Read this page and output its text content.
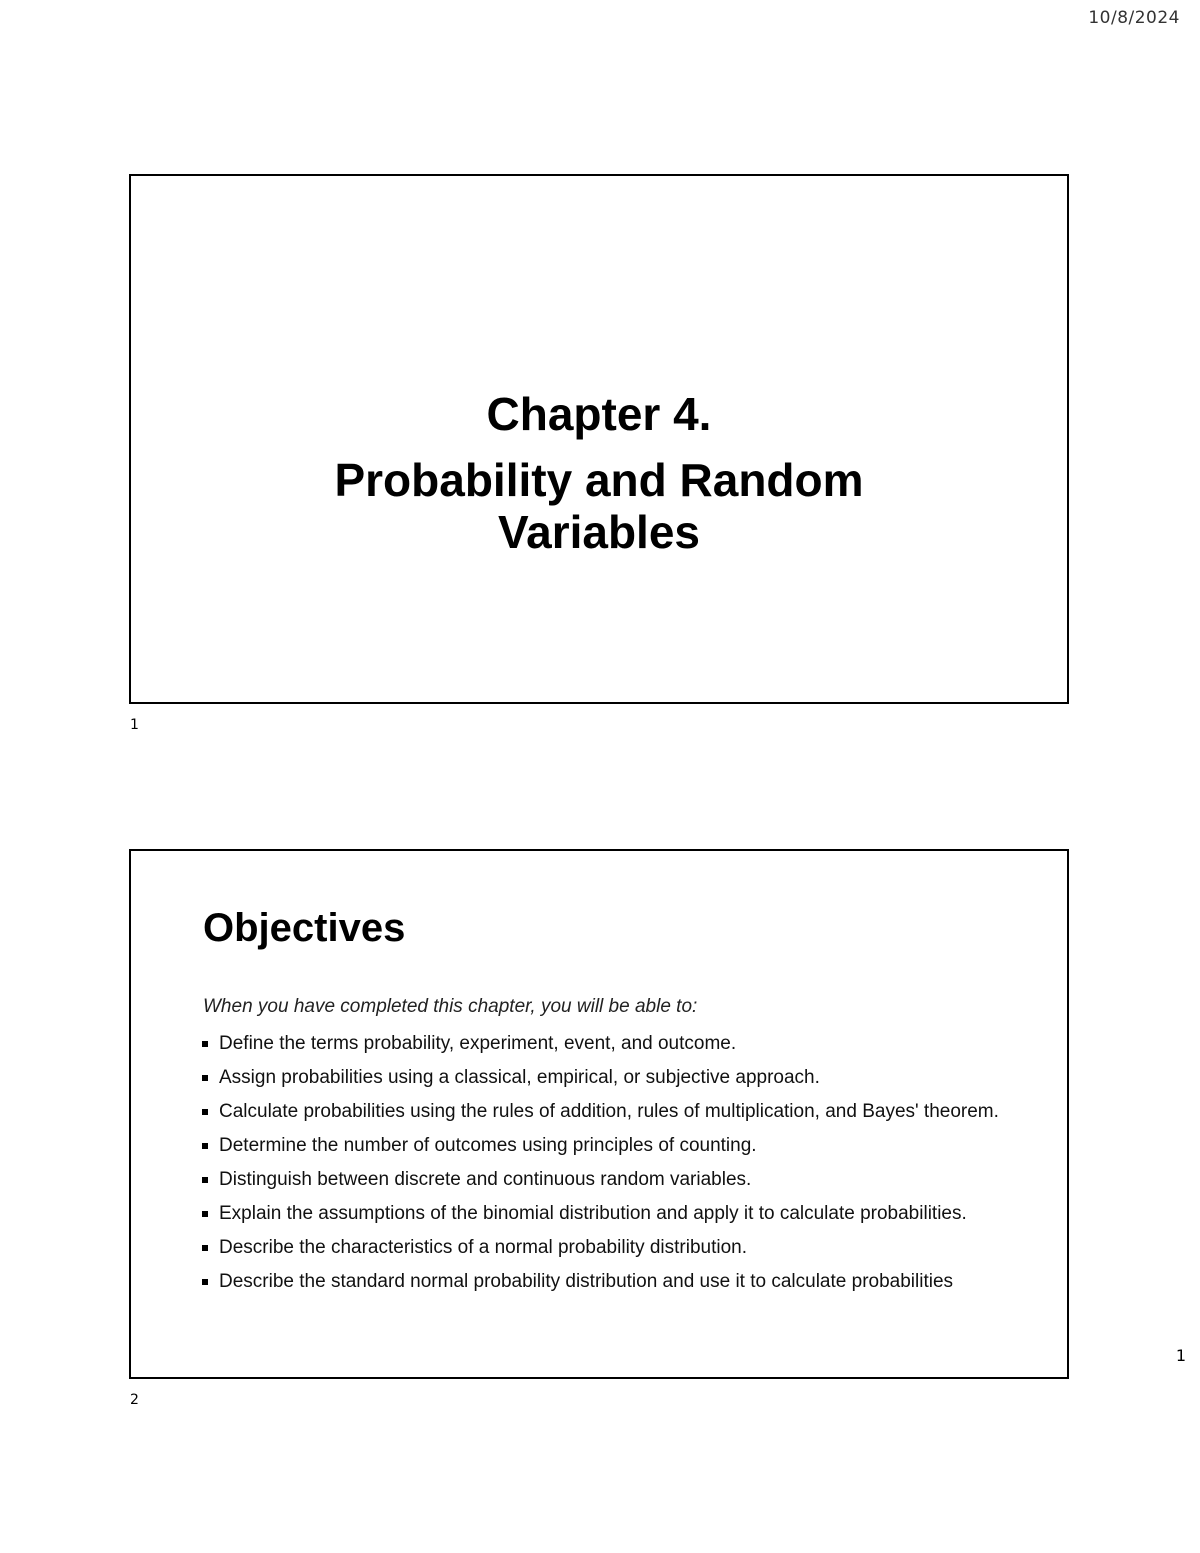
10/8/2024
Chapter 4.
Probability and Random Variables
1
Objectives

When you have completed this chapter, you will be able to:

Define the terms probability, experiment, event, and outcome.
Assign probabilities using a classical, empirical, or subjective approach.
Calculate probabilities using the rules of addition, rules of multiplication, and Bayes' theorem.
Determine the number of outcomes using principles of counting.
Distinguish between discrete and continuous random variables.
Explain the assumptions of the binomial distribution and apply it to calculate probabilities.
Describe the characteristics of a normal probability distribution.
Describe the standard normal probability distribution and use it to calculate probabilities
2
1
